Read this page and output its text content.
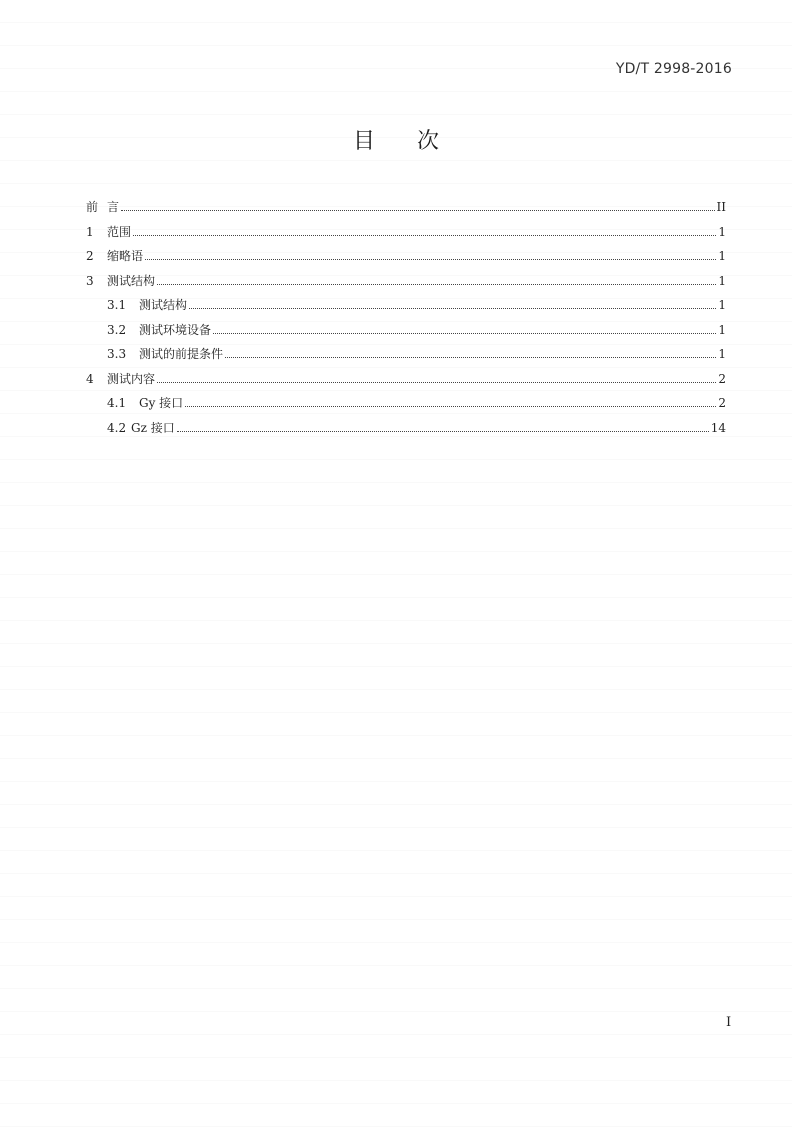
YD/T 2998-2016
目 次
前 言	II
1	范围	1
2	缩略语	1
3	测试结构	1
3.1	测试结构	1
3.2	测试环境设备	1
3.3	测试的前提条件	1
4	测试内容	2
4.1	Gy 接口	2
4.2 Gz 接口	14
I
